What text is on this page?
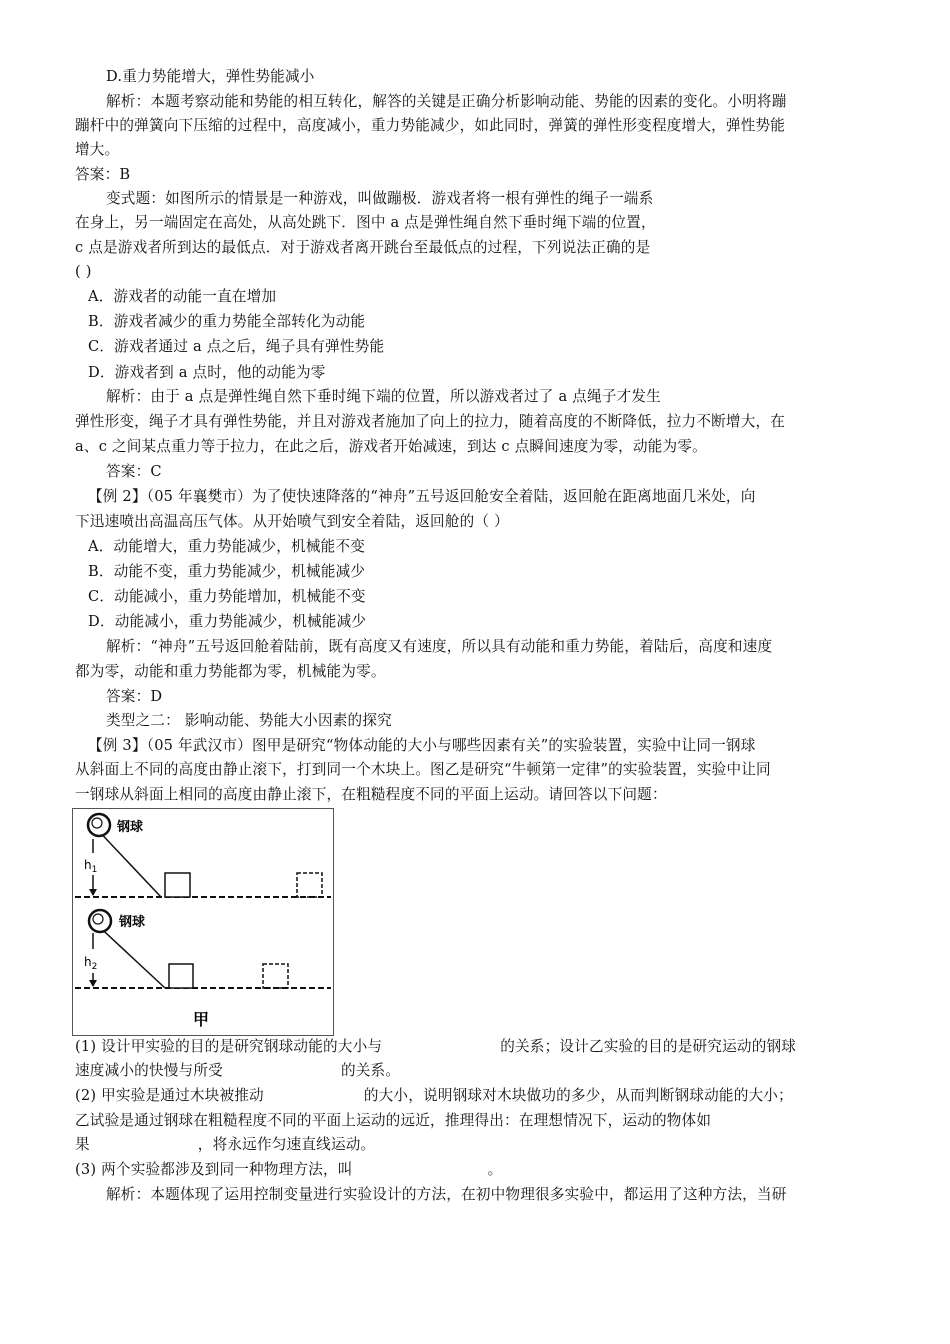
D.重力势能增大，弹性势能减小
解析：本题考察动能和势能的相互转化，解答的关键是正确分析影响动能、势能的因素的变化。小明将蹦
蹦杆中的弹簧向下压缩的过程中，高度减小，重力势能减少，如此同时，弹簧的弹性形变程度增大，弹性势能
增大。
答案：B
变式题：如图所示的情景是一种游戏，叫做蹦极．游戏者将一根有弹性的绳子一端系
在身上，另一端固定在高处，从高处跳下．图中 a 点是弹性绳自然下垂时绳下端的位置，
c 点是游戏者所到达的最低点．对于游戏者离开跳台至最低点的过程，下列说法正确的是
( )
A．游戏者的动能一直在增加
B．游戏者减少的重力势能全部转化为动能
C．游戏者通过 a 点之后，绳子具有弹性势能
D．游戏者到 a 点时，他的动能为零
解析：由于 a 点是弹性绳自然下垂时绳下端的位置，所以游戏者过了 a 点绳子才发生
弹性形变，绳子才具有弹性势能，并且对游戏者施加了向上的拉力，随着高度的不断降低，拉力不断增大，在
a、c 之间某点重力等于拉力，在此之后，游戏者开始减速，到达 c 点瞬间速度为零，动能为零。
答案：C
【例 2】（05 年襄樊市）为了使快速降落的“神舟”五号返回舱安全着陆，返回舱在距离地面几米处，向
下迅速喷出高温高压气体。从开始喷气到安全着陆，返回舱的（ ）
A．动能增大，重力势能减少，机械能不变
B．动能不变，重力势能减少，机械能减少
C．动能减小，重力势能增加，机械能不变
D．动能减小，重力势能减少，机械能减少
解析：“神舟”五号返回舱着陆前，既有高度又有速度，所以具有动能和重力势能，着陆后，高度和速度
都为零，动能和重力势能都为零，机械能为零。
答案：D
类型之二： 影响动能、势能大小因素的探究
【例 3】（05 年武汉市）图甲是研究“物体动能的大小与哪些因素有关”的实验装置，实验中让同一钢球
从斜面上不同的高度由静止滚下，打到同一个木块上。图乙是研究“牛顿第一定律”的实验装置，实验中让同
一钢球从斜面上相同的高度由静止滚下，在粗糙程度不同的平面上运动。请回答以下问题：
钢球
$h_1$
钢球
$h_2$
甲
(1) 设计甲实验的目的是研究钢球动能的大小与	的关系；设计乙实验的目的是研究运动的钢球
速度减小的快慢与所受	的关系。
(2) 甲实验是通过木块被推动	的大小，说明钢球对木块做功的多少，从而判断钢球动能的大小；
乙试验是通过钢球在粗糙程度不同的平面上运动的远近，推理得出：在理想情况下，运动的物体如
果	，将永远作匀速直线运动。
(3) 两个实验都涉及到同一种物理方法，叫	。
解析：本题体现了运用控制变量进行实验设计的方法，在初中物理很多实验中，都运用了这种方法，当研
